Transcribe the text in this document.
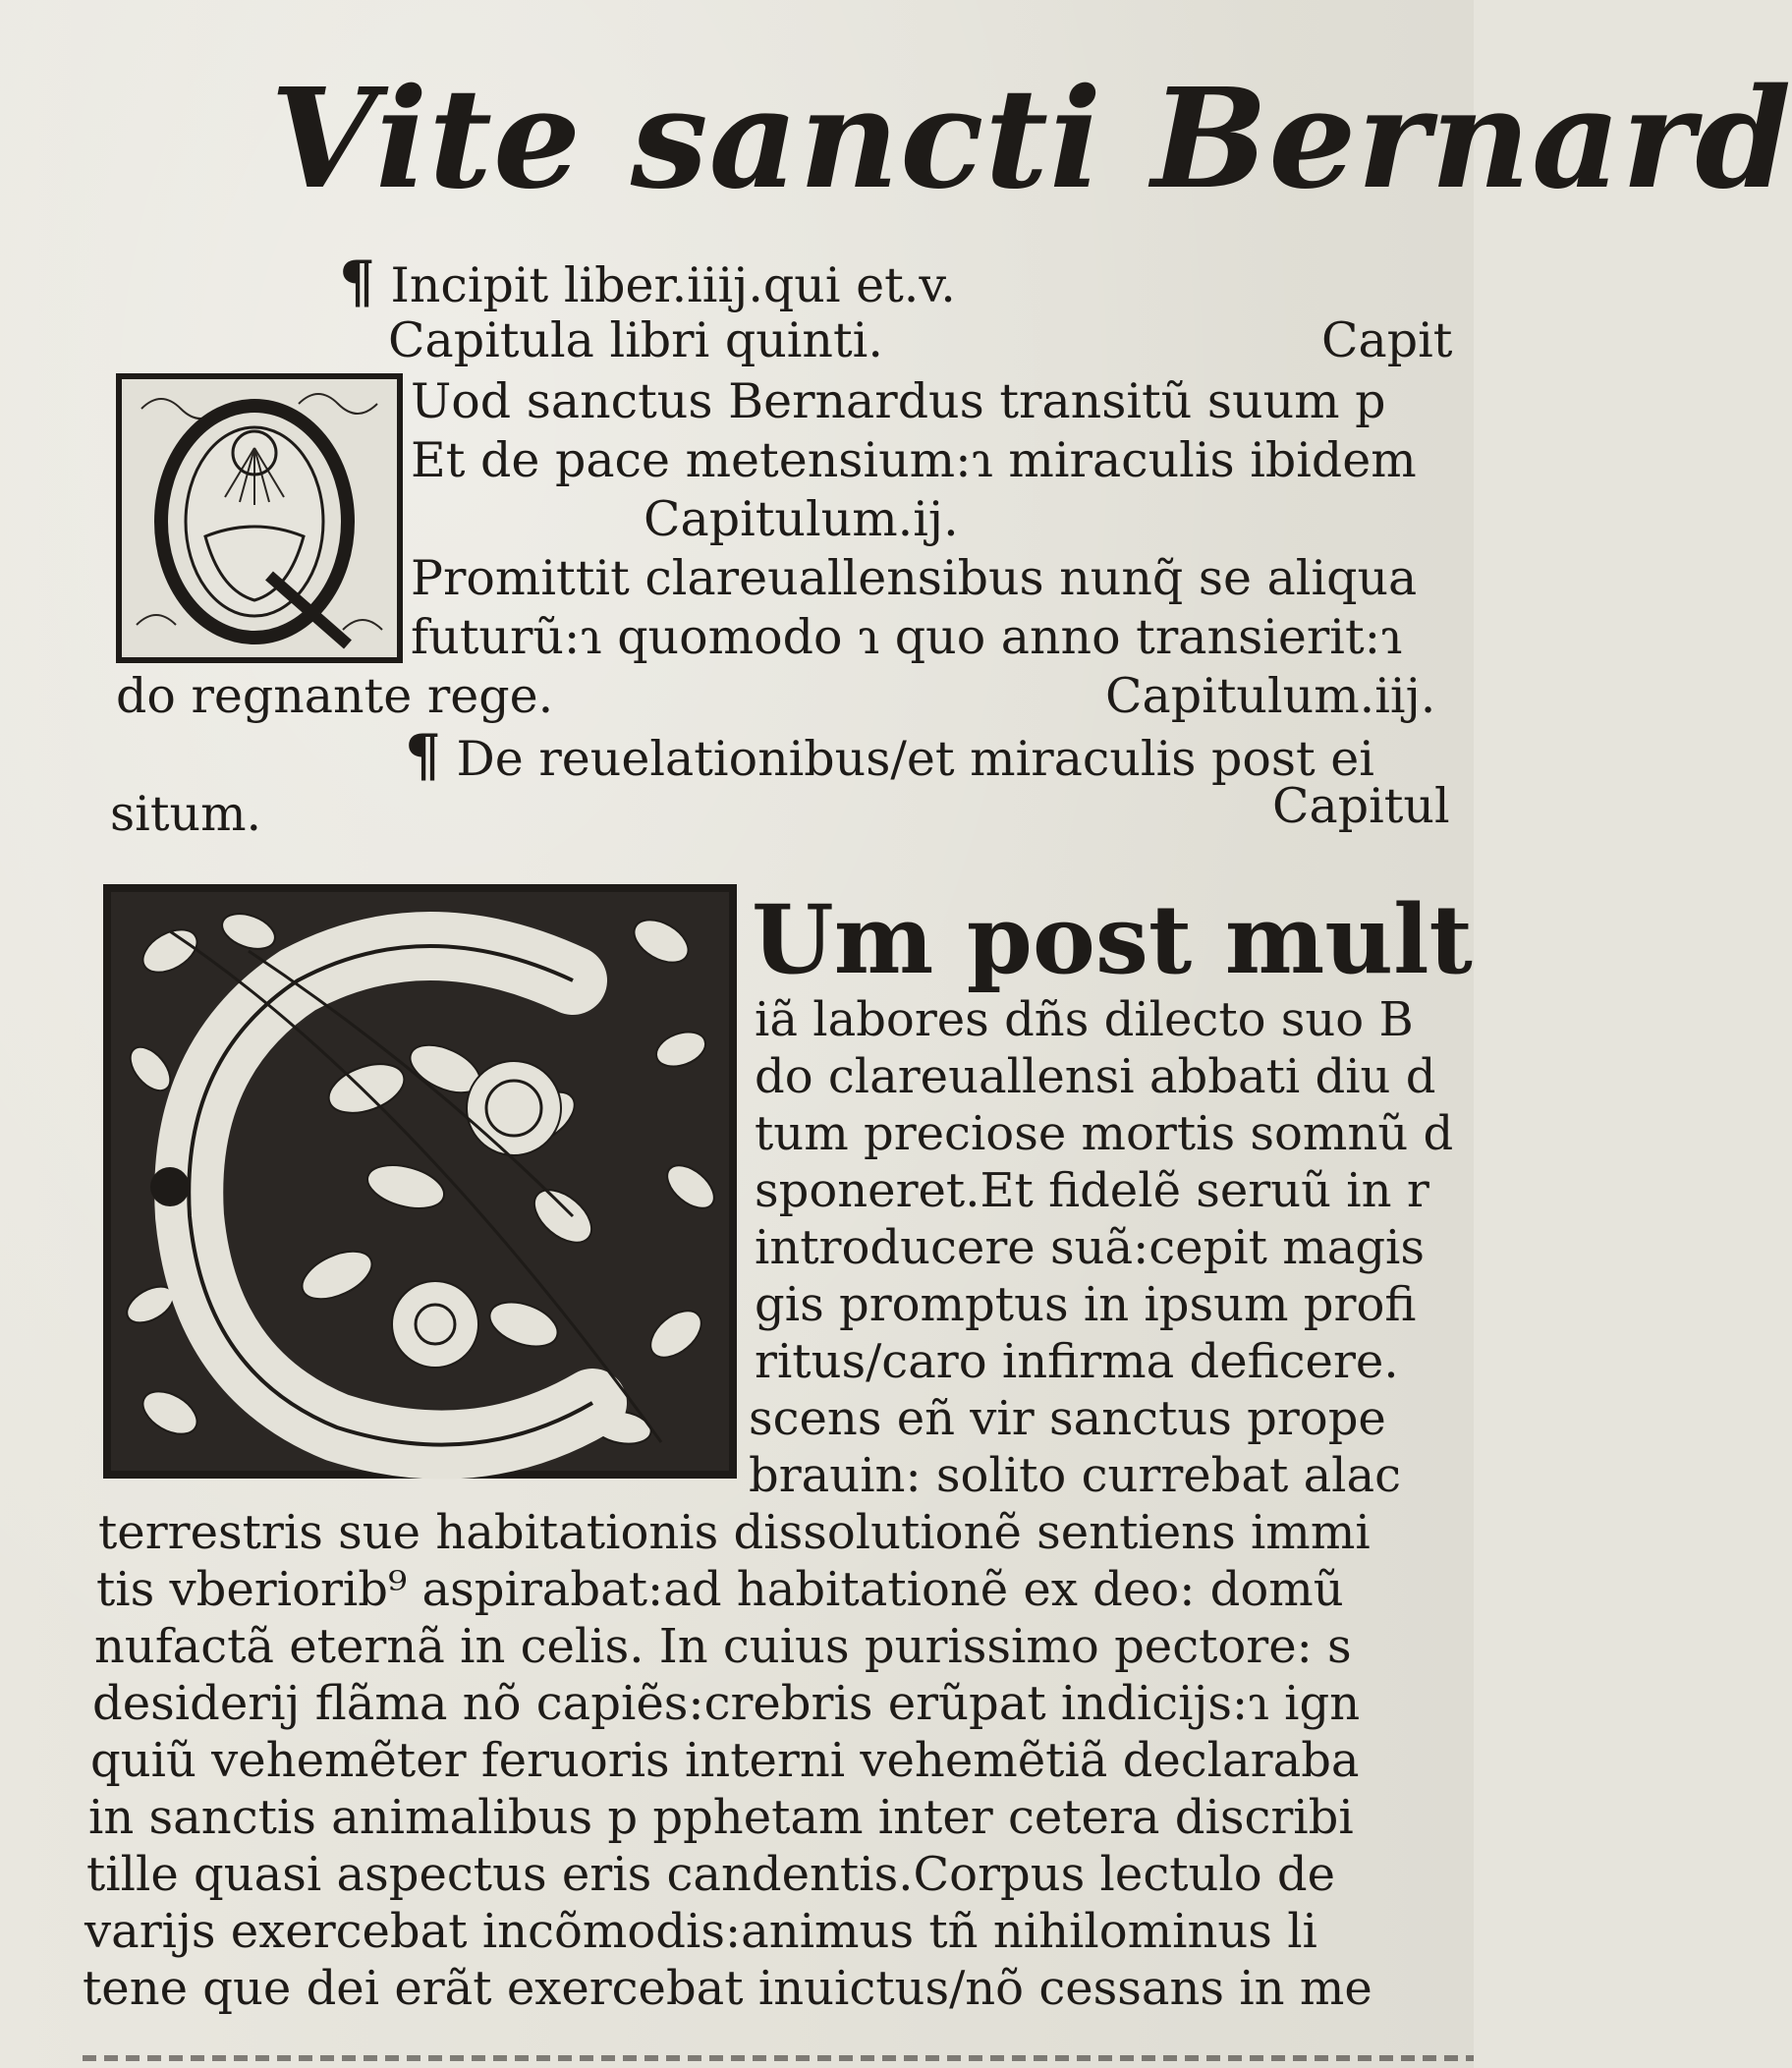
Vite sancti Bernard
¶ Incipit liber.iiij.qui et.v.
Capitula libri quinti.	Capit
Uod sanctus Bernardus transitũ suum p
Et de pace metensium:ɿ miraculis ibidem
Capitulum.ij.
Promittit clareuallensibus nunq̃ se aliqua
futurũ:ɿ quomodo ɿ quo anno transierit:ɿ
do regnante rege.	Capitulum.iij.
¶ De reuelationibus/et miraculis post ei
situm.	Capitul
Um post mult
iã labores dñs dilecto suo B
do clareuallensi abbati diu d
tum preciose mortis somnũ d
sponeret.Et fidelẽ seruũ in r
introducere suã:cepit magis
gis promptus in ipsum profi
ritus/caro infirma deficere.
scens eñ vir sanctus prope
brauin: solito currebat alac
terrestris sue habitationis dissolutionẽ sentiens immi
tis vberiorib⁹ aspirabat:ad habitationẽ ex deo: domũ
nufactã eternã in celis. In cuius purissimo pectore: s
desiderij flãma nõ capiẽs:crebris erũpat indicijs:ɿ ign
quiũ vehemẽter feruoris interni vehemẽtiã declaraba
in sanctis animalibus p pphetam inter cetera discribi
tille quasi aspectus eris candentis.Corpus lectulo de
varijs exercebat incõmodis:animus tñ nihilominus li
tene que dei erãt exercebat inuictus/nõ cessans in me
